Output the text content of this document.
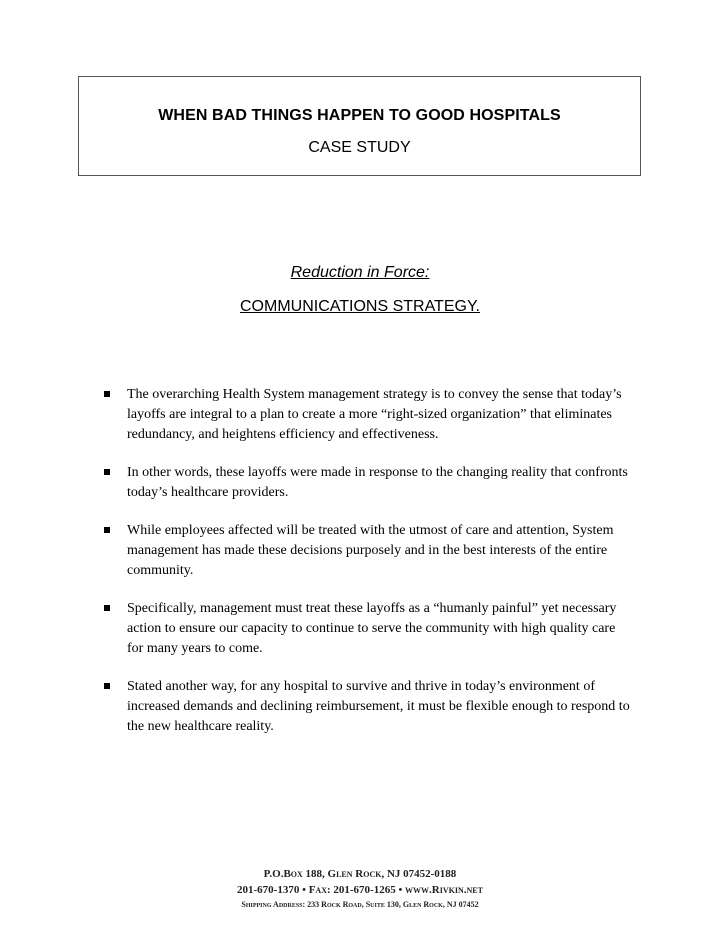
WHEN BAD THINGS HAPPEN TO GOOD HOSPITALS
CASE STUDY
Reduction in Force:
COMMUNICATIONS STRATEGY.
The overarching Health System management strategy is to convey the sense that today’s layoffs are integral to a plan to create a more “right-sized organization” that eliminates redundancy, and heightens efficiency and effectiveness.
In other words, these layoffs were made in response to the changing reality that confronts today’s healthcare providers.
While employees affected will be treated with the utmost of care and attention, System management has made these decisions purposely and in the best interests of the entire community.
Specifically, management must treat these layoffs as a “humanly painful” yet necessary action to ensure our capacity to continue to serve the community with high quality care for many years to come.
Stated another way, for any hospital to survive and thrive in today’s environment of increased demands and declining reimbursement, it must be flexible enough to respond to the new healthcare reality.
P.O.Box 188, Glen Rock, NJ 07452-0188
201-670-1370 • Fax: 201-670-1265 • www.Rivkin.net
Shipping Address: 233 Rock Road, Suite 130, Glen Rock, NJ 07452
